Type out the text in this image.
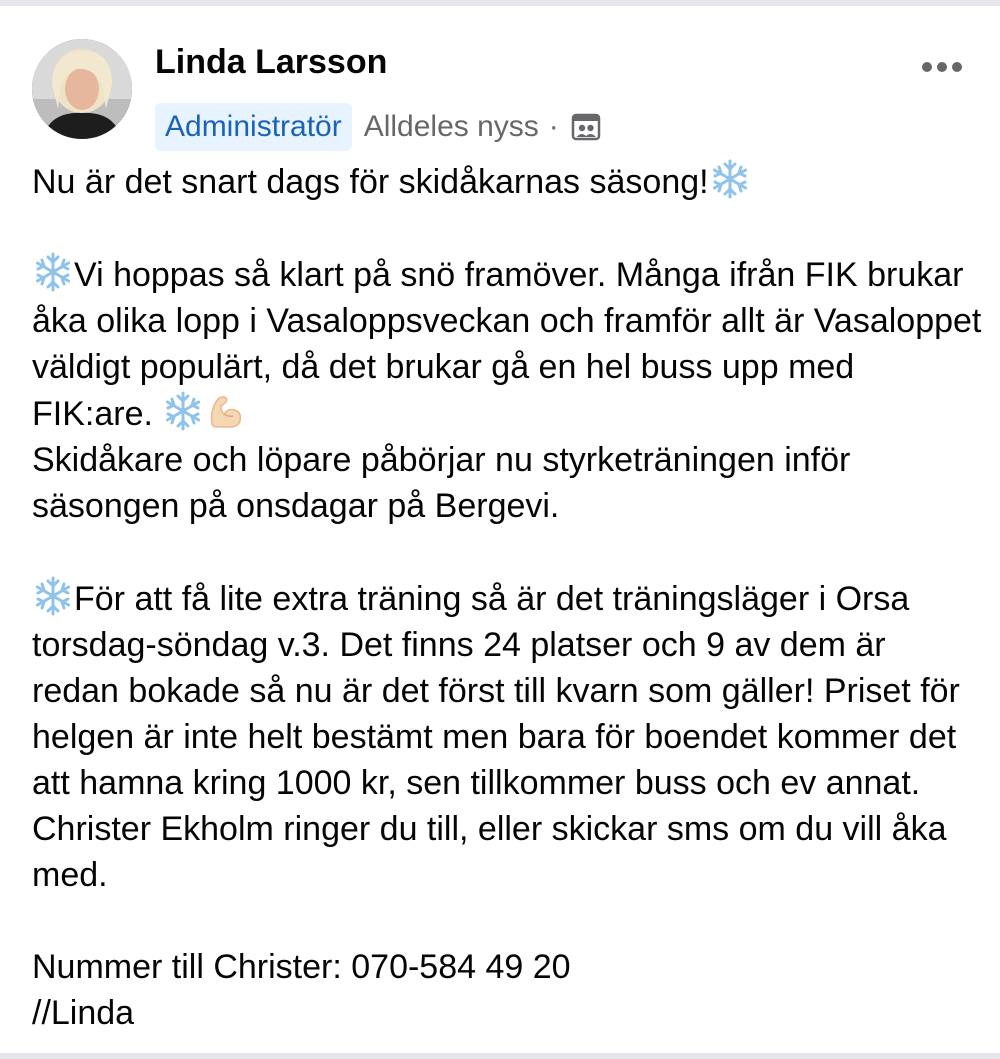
Linda Larsson
Administratör Alldeles nyss ·

Nu är det snart dags för skidåkarnas säsong!

Vi hoppas så klart på snö framöver. Många ifrån FIK brukar åka olika lopp i Vasaloppsveckan och framför allt är Vasaloppet väldigt populärt, då det brukar gå en hel buss upp med FIK:are.

Skidåkare och löpare påbörjar nu styrketräningen inför säsongen på onsdagar på Bergevi.

För att få lite extra träning så är det träningsläger i Orsa torsdag-söndag v.3. Det finns 24 platser och 9 av dem är redan bokade så nu är det först till kvarn som gäller! Priset för helgen är inte helt bestämt men bara för boendet kommer det att hamna kring 1000 kr, sen tillkommer buss och ev annat. Christer Ekholm ringer du till, eller skickar sms om du vill åka med.

Nummer till Christer: 070-584 49 20

//Linda
